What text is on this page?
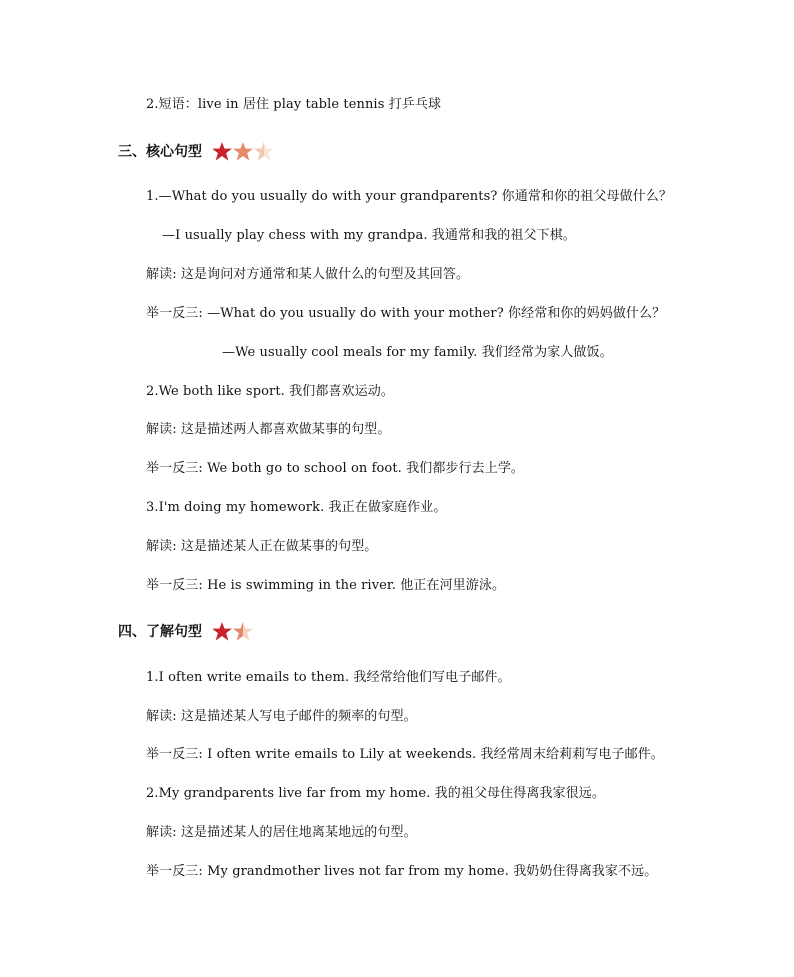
2.短语：live in 居住 play table tennis 打乒乓球
三、核心句型
1.—What do you usually do with your grandparents? 你通常和你的祖父母做什么？
—I usually play chess with my grandpa. 我通常和我的祖父下棋。
解读: 这是询问对方通常和某人做什么的句型及其回答。
举一反三: —What do you usually do with your mother? 你经常和你的妈妈做什么？
—We usually cool meals for my family. 我们经常为家人做饭。
2.We both like sport. 我们都喜欢运动。
解读: 这是描述两人都喜欢做某事的句型。
举一反三: We both go to school on foot. 我们都步行去上学。
3.I'm doing my homework. 我正在做家庭作业。
解读: 这是描述某人正在做某事的句型。
举一反三: He is swimming in the river. 他正在河里游泳。
四、了解句型
1.I often write emails to them. 我经常给他们写电子邮件。
解读: 这是描述某人写电子邮件的频率的句型。
举一反三: I often write emails to Lily at weekends. 我经常周末给莉莉写电子邮件。
2.My grandparents live far from my home. 我的祖父母住得离我家很远。
解读: 这是描述某人的居住地离某地远的句型。
举一反三: My grandmother lives not far from my home. 我奶奶住得离我家不远。
